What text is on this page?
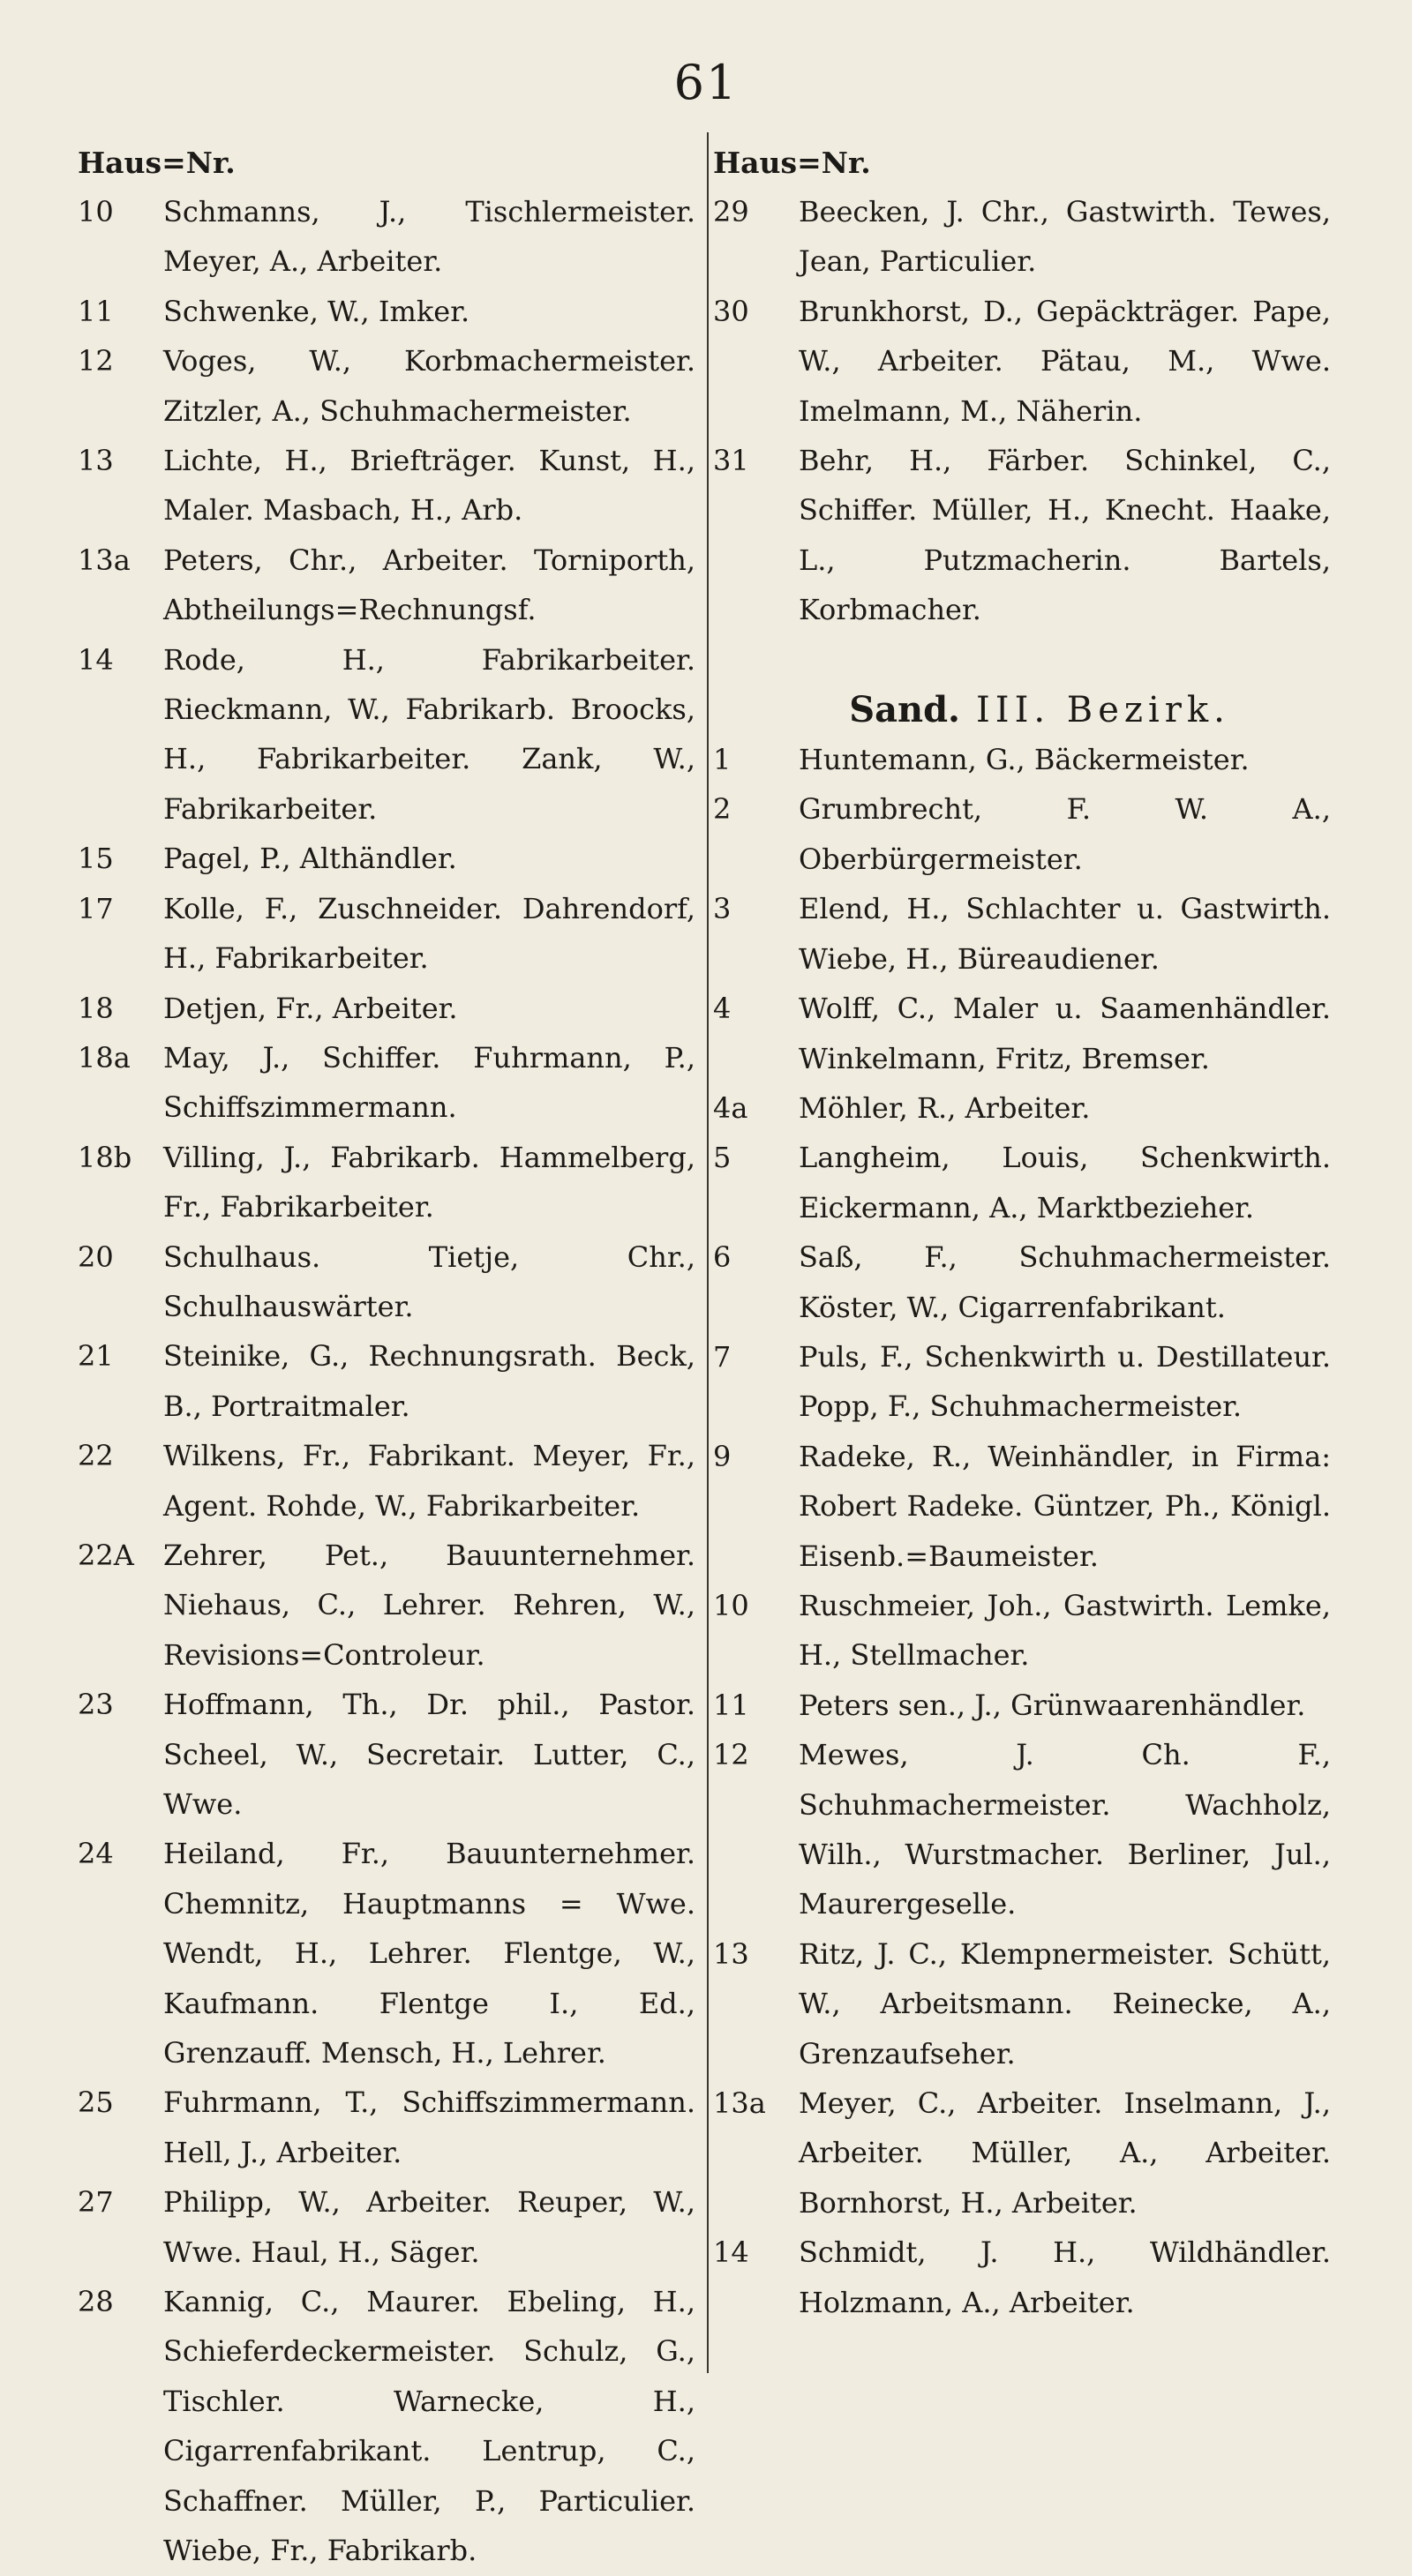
61
Haus=Nr.
10	Schmanns, J., Tischlermeister. Meyer, A., Arbeiter.
11	Schwenke, W., Imker.
12	Voges, W., Korbmachermeister. Zitzler, A., Schuhmachermeister.
13	Lichte, H., Briefträger. Kunst, H., Maler. Masbach, H., Arb.
13a	Peters, Chr., Arbeiter. Torniporth, Abtheilungs=Rechnungsf.
14	Rode, H., Fabrikarbeiter. Rieckmann, W., Fabrikarb. Broocks, H., Fabrikarbeiter. Zank, W., Fabrikarbeiter.
15	Pagel, P., Althändler.
17	Kolle, F., Zuschneider. Dahrendorf, H., Fabrikarbeiter.
18	Detjen, Fr., Arbeiter.
18a	May, J., Schiffer. Fuhrmann, P., Schiffszimmermann.
18b	Villing, J., Fabrikarb. Hammelberg, Fr., Fabrikarbeiter.
20	Schulhaus. Tietje, Chr., Schulhauswärter.
21	Steinike, G., Rechnungsrath. Beck, B., Portraitmaler.
22	Wilkens, Fr., Fabrikant. Meyer, Fr., Agent. Rohde, W., Fabrikarbeiter.
22A	Zehrer, Pet., Bauunternehmer. Niehaus, C., Lehrer. Rehren, W., Revisions=Controleur.
23	Hoffmann, Th., Dr. phil., Pastor. Scheel, W., Secretair. Lutter, C., Wwe.
24	Heiland, Fr., Bauunternehmer. Chemnitz, Hauptmanns = Wwe. Wendt, H., Lehrer. Flentge, W., Kaufmann. Flentge I., Ed., Grenzauff. Mensch, H., Lehrer.
25	Fuhrmann, T., Schiffszimmermann. Hell, J., Arbeiter.
27	Philipp, W., Arbeiter. Reuper, W., Wwe. Haul, H., Säger.
28	Kannig, C., Maurer. Ebeling, H., Schieferdeckermeister. Schulz, G., Tischler. Warnecke, H., Cigarrenfabrikant. Lentrup, C., Schaffner. Müller, P., Particulier. Wiebe, Fr., Fabrikarb.
Haus=Nr.
29	Beecken, J. Chr., Gastwirth. Tewes, Jean, Particulier.
30	Brunkhorst, D., Gepäckträger. Pape, W., Arbeiter. Pätau, M., Wwe. Imelmann, M., Näherin.
31	Behr, H., Färber. Schinkel, C., Schiffer. Müller, H., Knecht. Haake, L., Putzmacherin. Bartels, Korbmacher.
Sand. III. Bezirk.
1	Huntemann, G., Bäckermeister.
2	Grumbrecht, F. W. A., Oberbürgermeister.
3	Elend, H., Schlachter u. Gastwirth. Wiebe, H., Büreaudiener.
4	Wolff, C., Maler u. Saamenhändler. Winkelmann, Fritz, Bremser.
4a	Möhler, R., Arbeiter.
5	Langheim, Louis, Schenkwirth. Eickermann, A., Marktbezieher.
6	Saß, F., Schuhmachermeister. Köster, W., Cigarrenfabrikant.
7	Puls, F., Schenkwirth u. Destillateur. Popp, F., Schuhmachermeister.
9	Radeke, R., Weinhändler, in Firma: Robert Radeke. Güntzer, Ph., Königl. Eisenb.=Baumeister.
10	Ruschmeier, Joh., Gastwirth. Lemke, H., Stellmacher.
11	Peters sen., J., Grünwaarenhändler.
12	Mewes, J. Ch. F., Schuhmachermeister. Wachholz, Wilh., Wurstmacher. Berliner, Jul., Maurergeselle.
13	Ritz, J. C., Klempnermeister. Schütt, W., Arbeitsmann. Reinecke, A., Grenzaufseher.
13a	Meyer, C., Arbeiter. Inselmann, J., Arbeiter. Müller, A., Arbeiter. Bornhorst, H., Arbeiter.
14	Schmidt, J. H., Wildhändler. Holzmann, A., Arbeiter.
